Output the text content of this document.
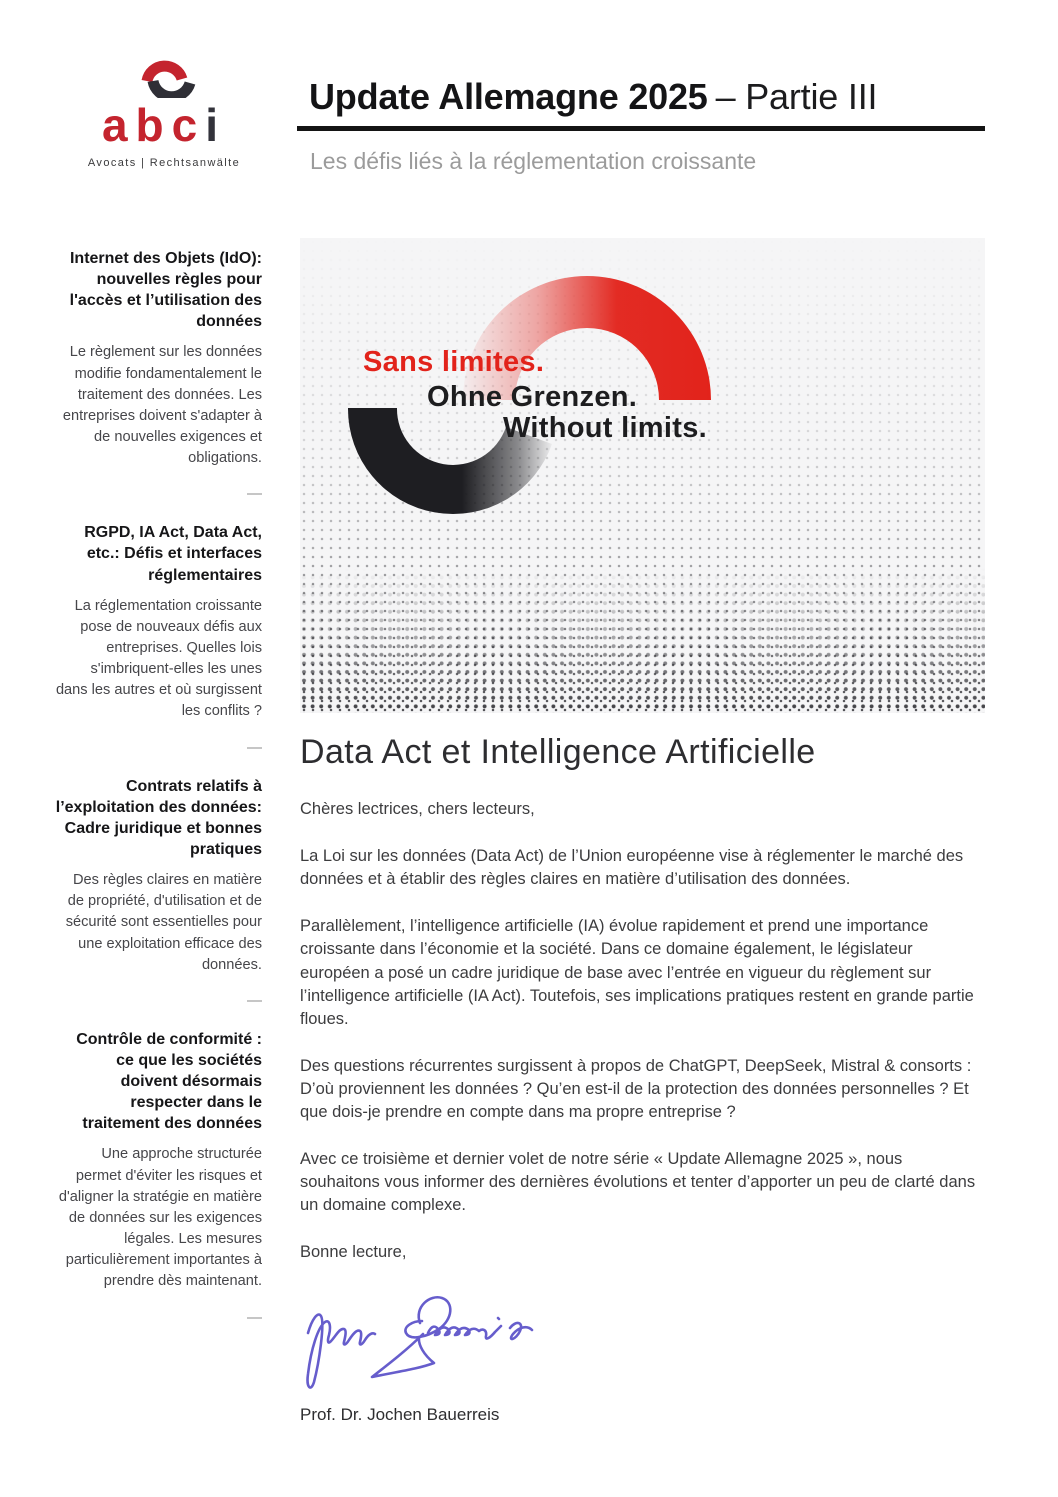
abci
Avocats | Rechtsanwälte
Update Allemagne 2025 – Partie III
Les défis liés à la réglementation croissante
Internet des Objets (IdO): nouvelles règles pour l'accès et l’utilisation des données
Le règlement sur les données modifie fondamentalement le traitement des données. Les entreprises doivent s'adapter à de nouvelles exigences et obligations.
—
RGPD, IA Act, Data Act, etc.: Défis et interfaces réglementaires
La réglementation croissante pose de nouveaux défis aux entreprises. Quelles lois s'imbriquent-elles les unes dans les autres et où surgissent les conflits ?
—
Contrats relatifs à l’exploitation des données: Cadre juridique et bonnes pratiques
Des règles claires en matière de propriété, d'utilisation et de sécurité sont essentielles pour une exploitation efficace des données.
—
Contrôle de conformité : ce que les sociétés doivent désormais respecter dans le traitement des données
Une approche structurée permet d'éviter les risques et d'aligner la stratégie en matière de données sur les exigences légales. Les mesures particulièrement importantes à prendre dès maintenant.
—
Sans limites.
Ohne Grenzen.
Without limits.
Data Act et Intelligence Artificielle

Chères lectrices, chers lecteurs,

La Loi sur les données (Data Act) de l’Union européenne vise à réglementer le marché des données et à établir des règles claires en matière d’utilisation des données.

Parallèlement, l’intelligence artificielle (IA) évolue rapidement et prend une importance croissante dans l’économie et la société. Dans ce domaine également, le législateur européen a posé un cadre juridique de base avec l’entrée en vigueur du règlement sur l’intelligence artificielle (IA Act). Toutefois, ses implications pratiques restent en grande partie floues.

Des questions récurrentes surgissent à propos de ChatGPT, DeepSeek, Mistral & consorts : D’où proviennent les données ? Qu’en est-il de la protection des données personnelles ? Et que dois-je prendre en compte dans ma propre entreprise ?

Avec ce troisième et dernier volet de notre série « Update Allemagne 2025 », nous souhaitons vous informer des dernières évolutions et tenter d’apporter un peu de clarté dans un domaine complexe.

Bonne lecture,

Prof. Dr. Jochen Bauerreis
